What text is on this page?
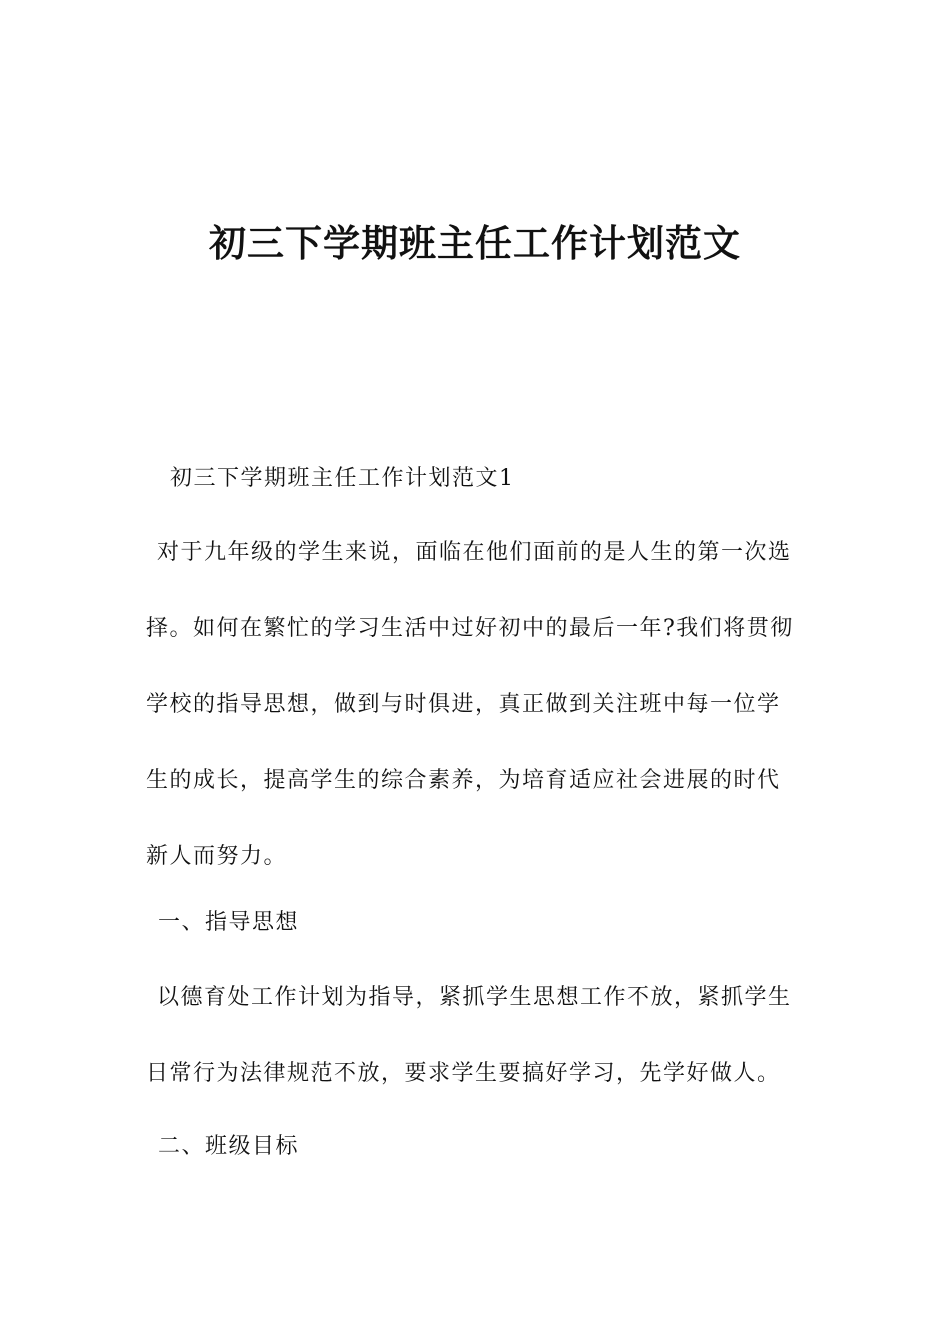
初三下学期班主任工作计划范文

初三下学期班主任工作计划范文1

对于九年级的学生来说，面临在他们面前的是人生的第一次选
择。如何在繁忙的学习生活中过好初中的最后一年?我们将贯彻
学校的指导思想，做到与时俱进，真正做到关注班中每一位学
生的成长，提高学生的综合素养，为培育适应社会进展的时代
新人而努力。

一、指导思想

以德育处工作计划为指导，紧抓学生思想工作不放，紧抓学生
日常行为法律规范不放，要求学生要搞好学习，先学好做人。

二、班级目标
